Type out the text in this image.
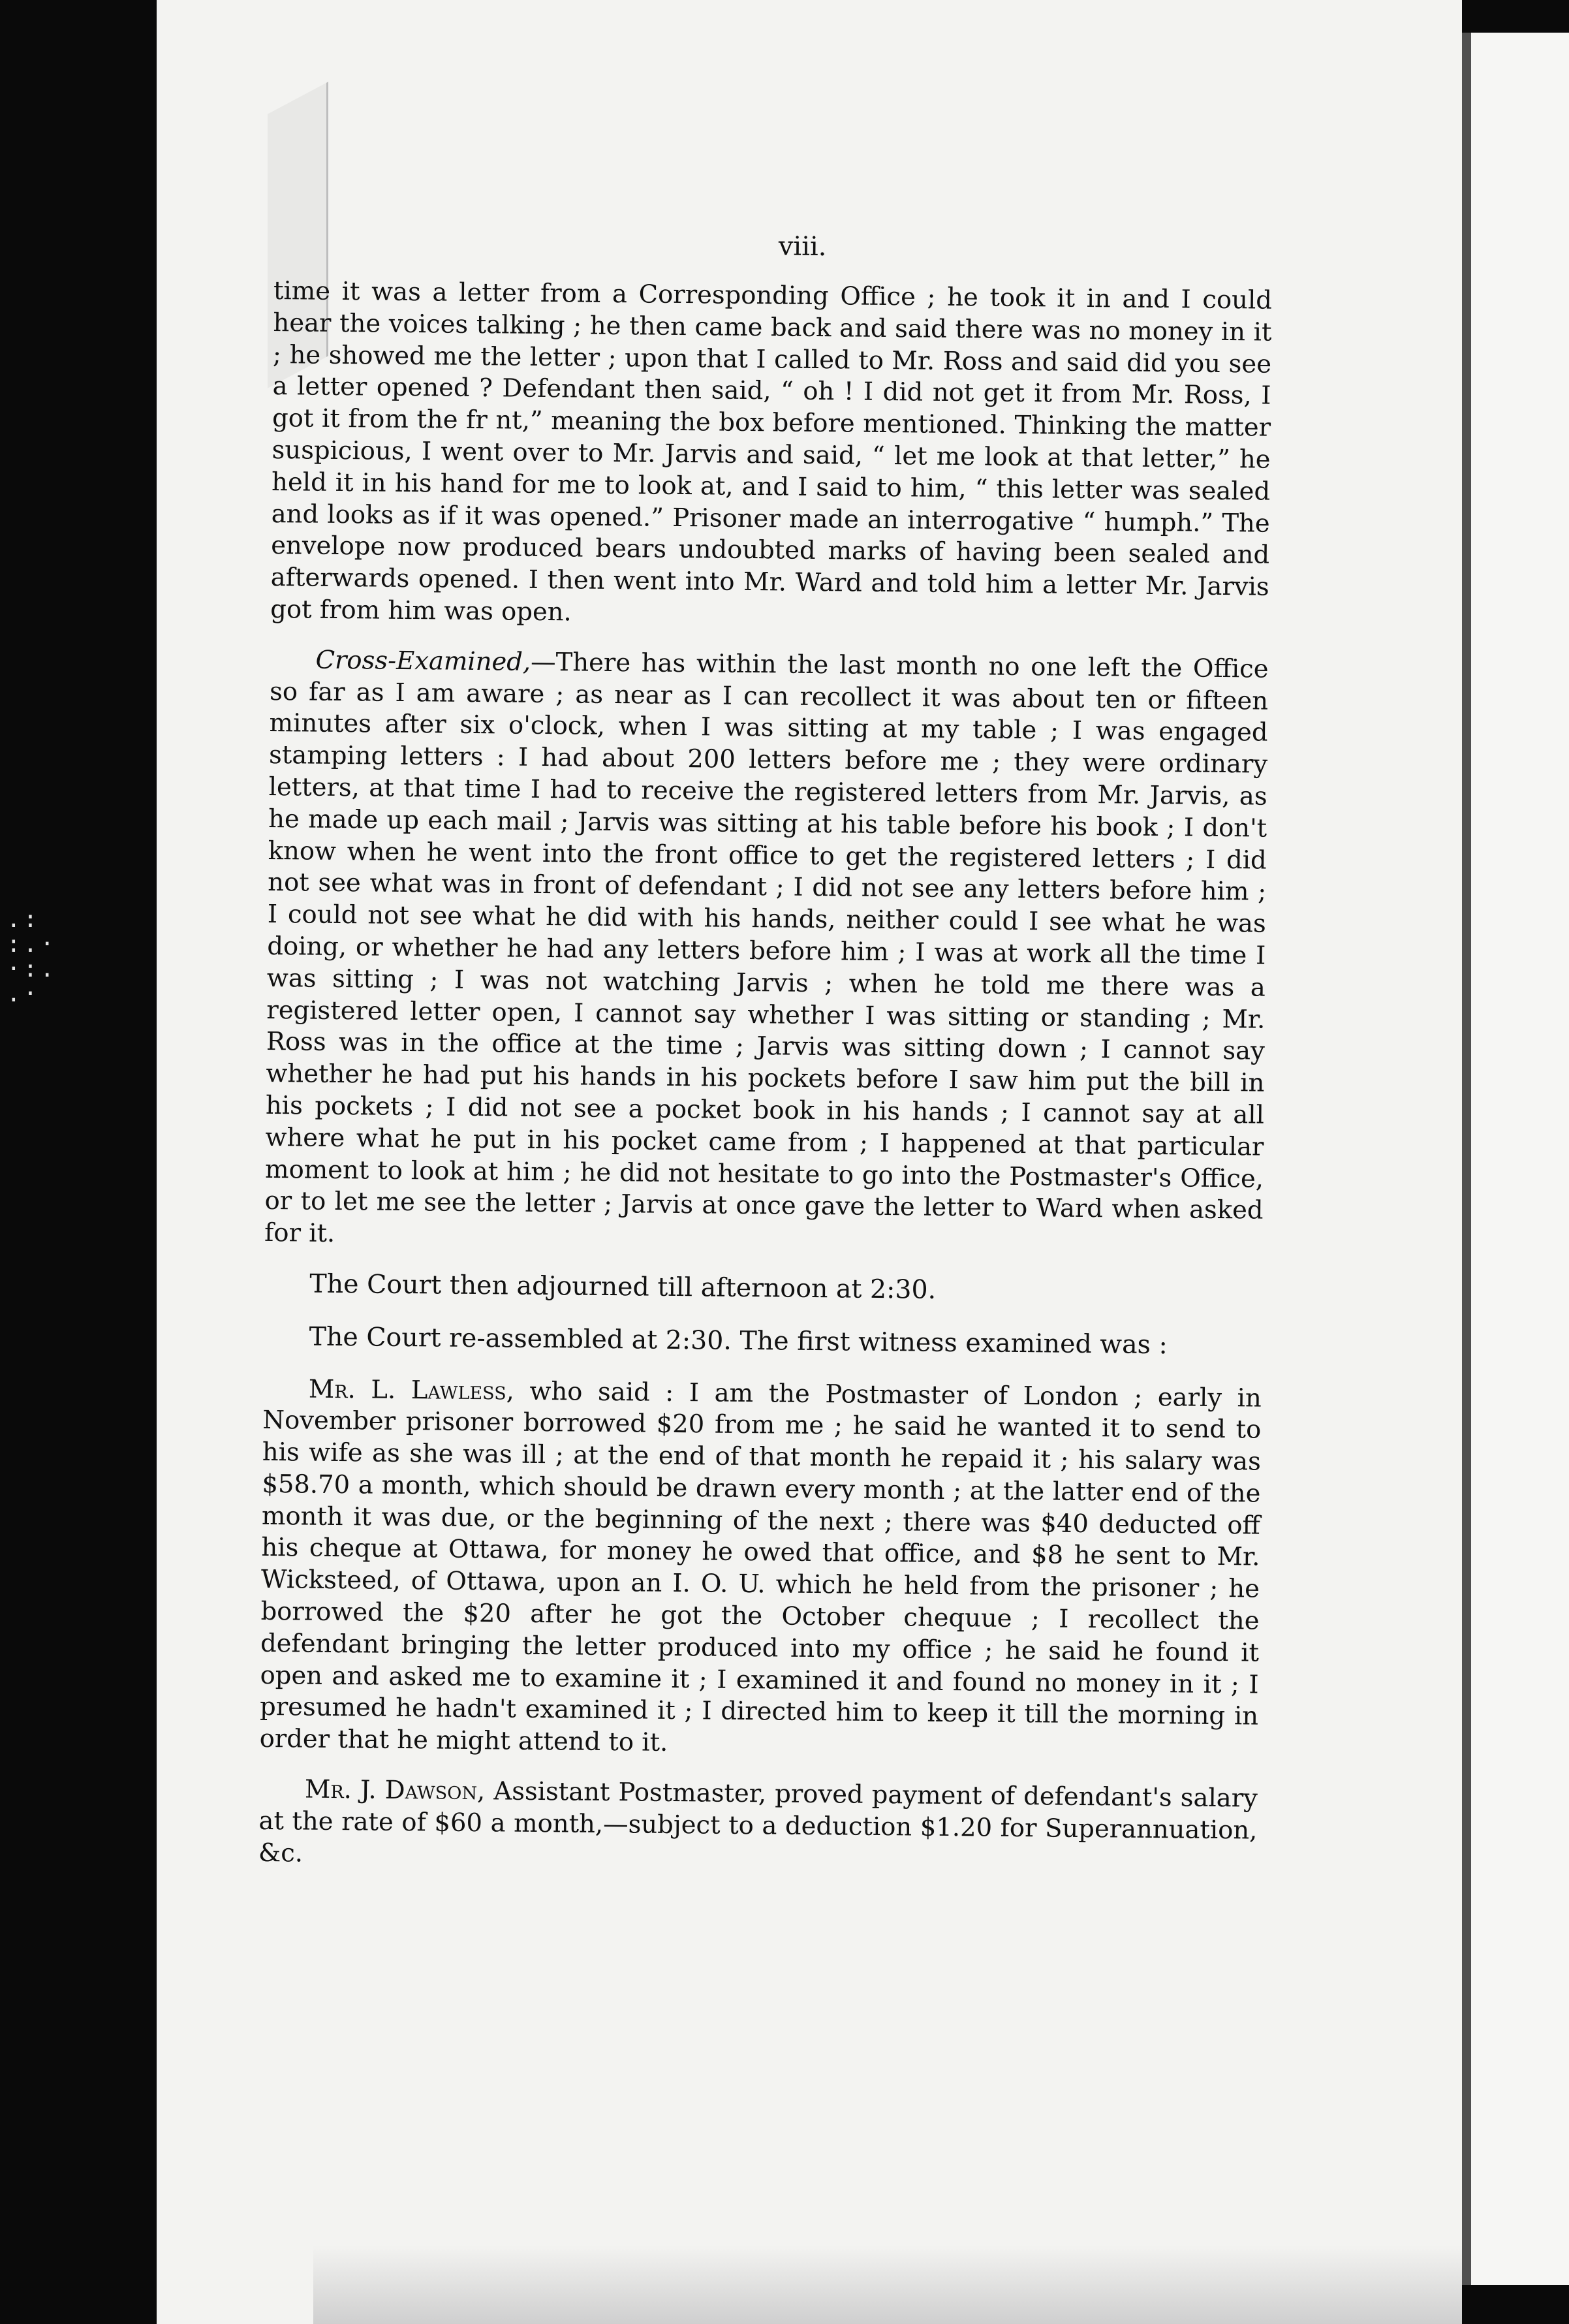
.:
:.·
·:.
.·
viii.

time it was a letter from a Corresponding Office ; he took it in and I could hear the voices talking ; he then came back and said there was no money in it ; he showed me the letter ; upon that I called to Mr. Ross and said did you see a letter opened ? Defendant then said, “ oh ! I did not get it from Mr. Ross, I got it from the fr nt,” meaning the box before mentioned. Thinking the matter suspicious, I went over to Mr. Jarvis and said, “ let me look at that letter,” he held it in his hand for me to look at, and I said to him, “ this letter was sealed and looks as if it was opened.” Prisoner made an interrogative “ humph.” The envelope now produced bears undoubted marks of having been sealed and afterwards opened. I then went into Mr. Ward and told him a letter Mr. Jarvis got from him was open.

Cross-Examined,—There has within the last month no one left the Office so far as I am aware ; as near as I can recollect it was about ten or fifteen minutes after six o'clock, when I was sitting at my table ; I was engaged stamping letters : I had about 200 letters before me ; they were ordinary letters, at that time I had to receive the registered letters from Mr. Jarvis, as he made up each mail ; Jarvis was sitting at his table before his book ; I don't know when he went into the front office to get the registered letters ; I did not see what was in front of defendant ; I did not see any letters before him ; I could not see what he did with his hands, neither could I see what he was doing, or whether he had any letters before him ; I was at work all the time I was sitting ; I was not watching Jarvis ; when he told me there was a registered letter open, I cannot say whether I was sitting or standing ; Mr. Ross was in the office at the time ; Jarvis was sitting down ; I cannot say whether he had put his hands in his pockets before I saw him put the bill in his pockets ; I did not see a pocket book in his hands ; I cannot say at all where what he put in his pocket came from ; I happened at that particular moment to look at him ; he did not hesitate to go into the Postmaster's Office, or to let me see the letter ; Jarvis at once gave the letter to Ward when asked for it.

The Court then adjourned till afternoon at 2:30.

The Court re-assembled at 2:30. The first witness examined was :

Mr. L. Lawless, who said : I am the Postmaster of London ; early in November prisoner borrowed $20 from me ; he said he wanted it to send to his wife as she was ill ; at the end of that month he repaid it ; his salary was $58.70 a month, which should be drawn every month ; at the latter end of the month it was due, or the beginning of the next ; there was $40 deducted off his cheque at Ottawa, for money he owed that office, and $8 he sent to Mr. Wicksteed, of Ottawa, upon an I. O. U. which he held from the prisoner ; he borrowed the $20 after he got the October chequue ; I recollect the defendant bringing the letter produced into my office ; he said he found it open and asked me to examine it ; I examined it and found no money in it ; I presumed he hadn't examined it ; I directed him to keep it till the morning in order that he might attend to it.

Mr. J. Dawson, Assistant Postmaster, proved payment of defendant's salary at the rate of $60 a month,—subject to a deduction $1.20 for Superannuation, &c.
